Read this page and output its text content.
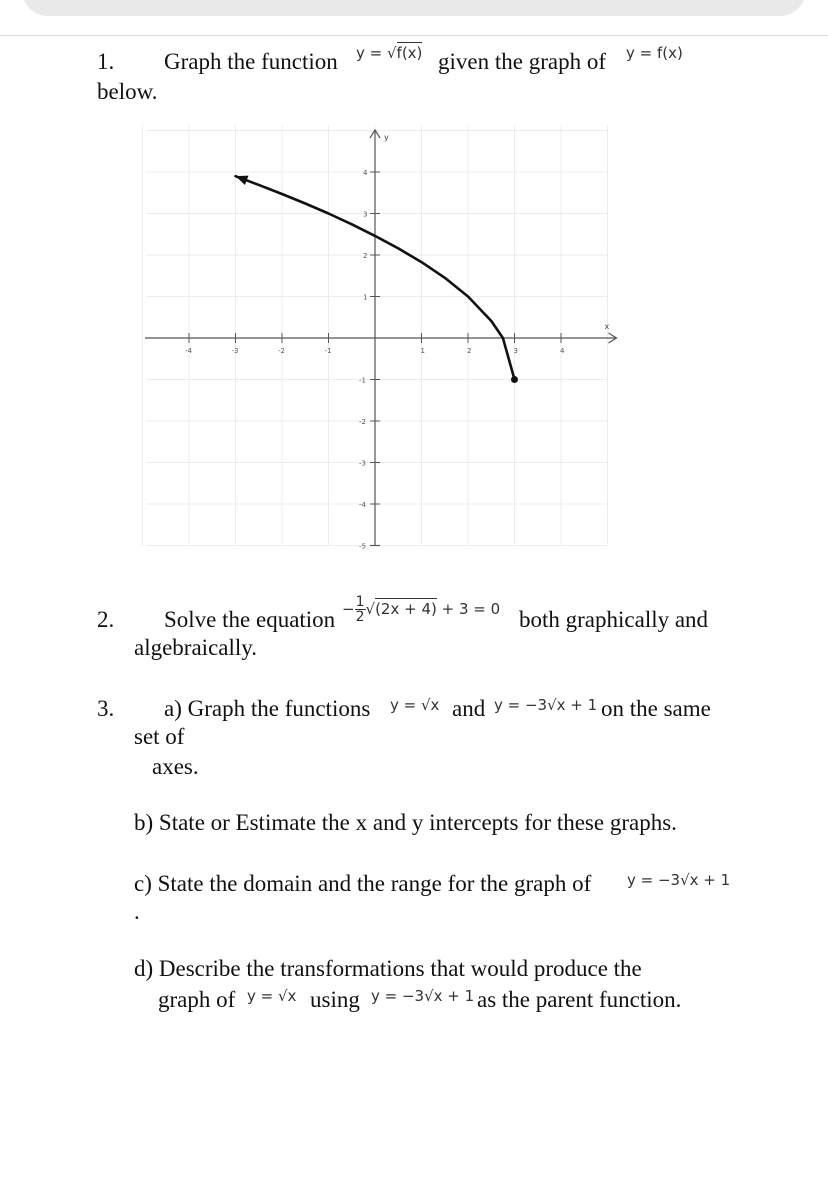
1. Graph the function y = √f(x) given the graph of y = f(x)
below.
x
y
-4	-3	-2	-1	1	2	3	4
4
3
2
1
-1
-2
-3
-4
-5
2. Solve the equation − $\frac{1}{2} √(2x + 4) + 3 = 0$ both graphically and
algebraically.
3. a) Graph the functions y = √x and y = −3√x + 1 on the same
set of
axes.
b) State or Estimate the x and y intercepts for these graphs.
c) State the domain and the range for the graph of y = −3√x + 1
.
d) Describe the transformations that would produce the
graph of y = √x using y = −3√x + 1 as the parent function.
